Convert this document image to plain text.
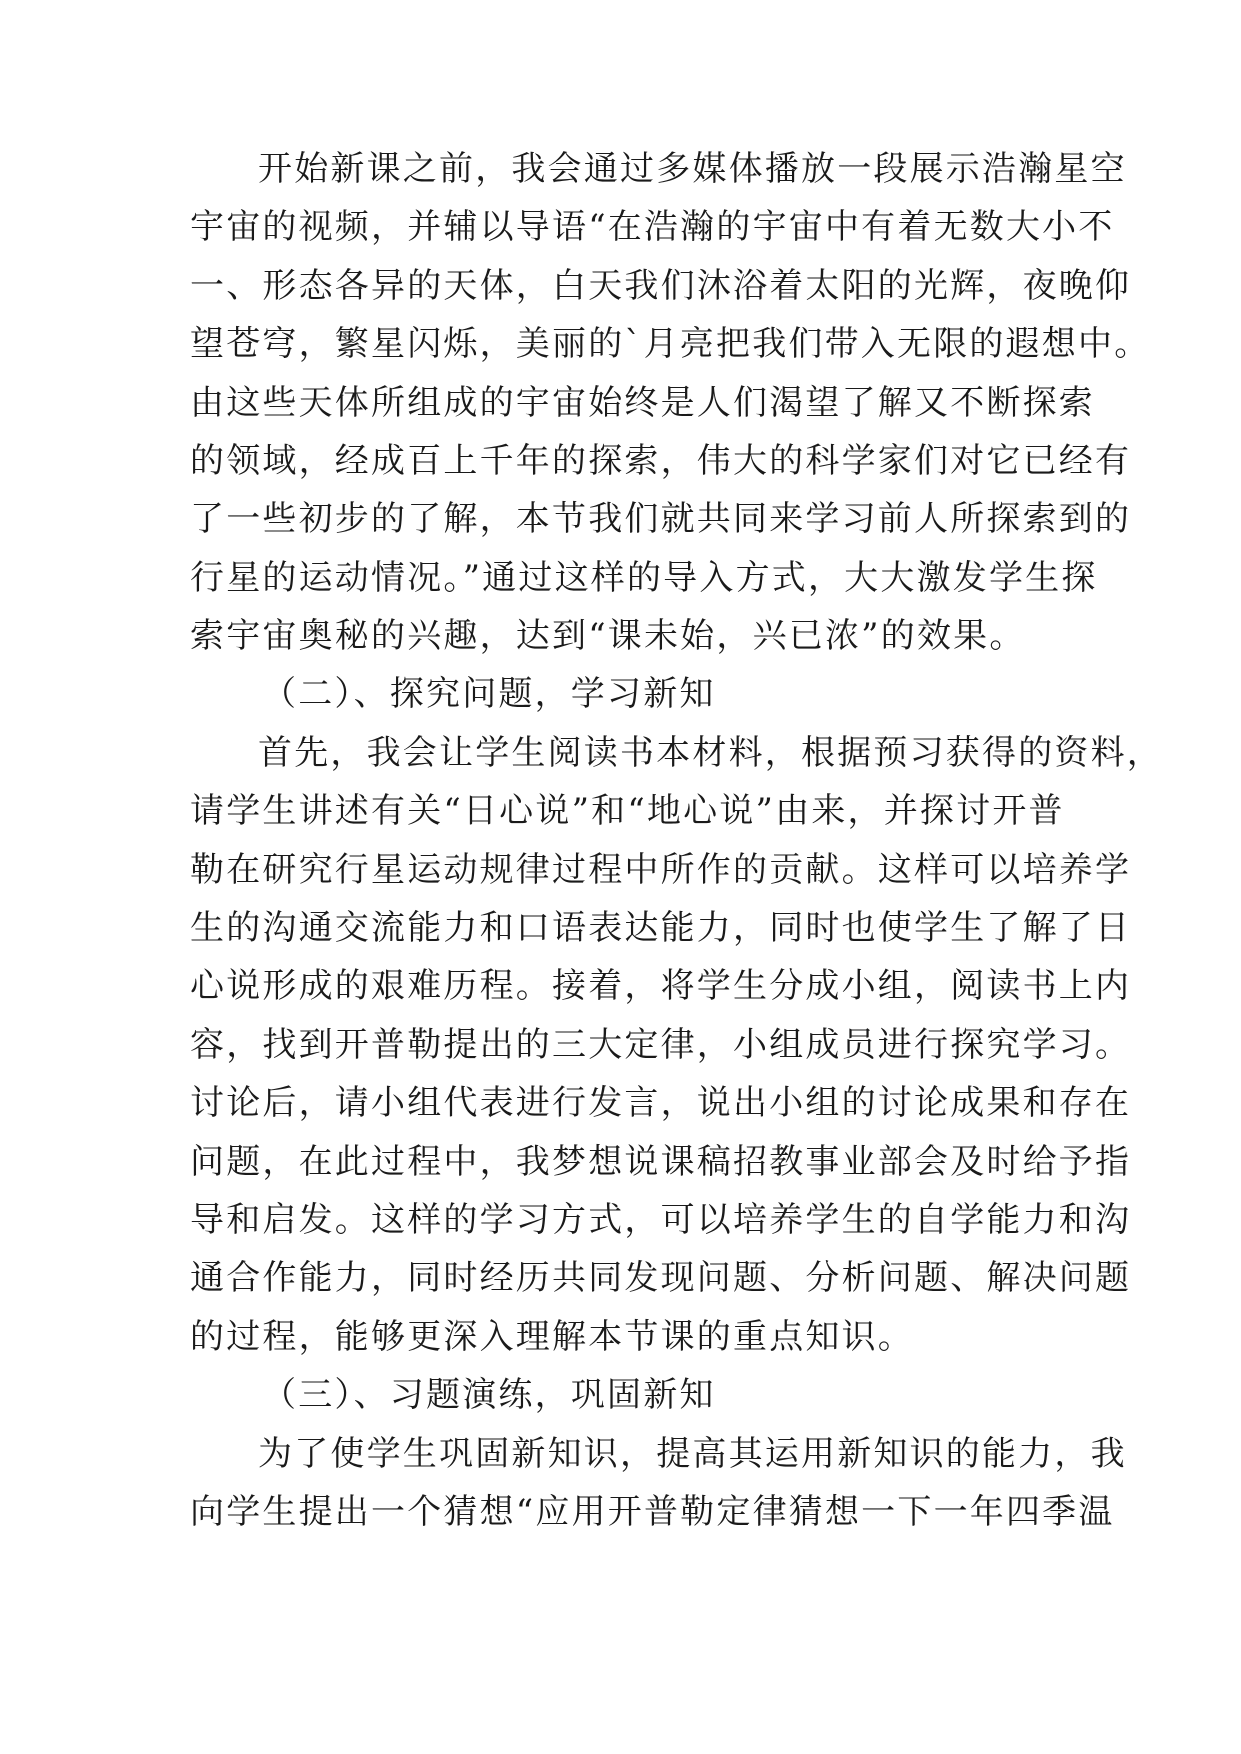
开始新课之前，我会通过多媒体播放一段展示浩瀚星空
宇宙的视频，并辅以导语“在浩瀚的宇宙中有着无数大小不
一、形态各异的天体，白天我们沐浴着太阳的光辉，夜晚仰
望苍穹，繁星闪烁，美丽的`月亮把我们带入无限的遐想中。
由这些天体所组成的宇宙始终是人们渴望了解又不断探索
的领域，经成百上千年的探索，伟大的科学家们对它已经有
了一些初步的了解，本节我们就共同来学习前人所探索到的
行星的运动情况。”通过这样的导入方式，大大激发学生探
索宇宙奥秘的兴趣，达到“课未始，兴已浓”的效果。
（二）、探究问题，学习新知
首先，我会让学生阅读书本材料，根据预习获得的资料，
请学生讲述有关“日心说”和“地心说”由来，并探讨开普
勒在研究行星运动规律过程中所作的贡献。这样可以培养学
生的沟通交流能力和口语表达能力，同时也使学生了解了日
心说形成的艰难历程。接着，将学生分成小组，阅读书上内
容，找到开普勒提出的三大定律，小组成员进行探究学习。
讨论后，请小组代表进行发言，说出小组的讨论成果和存在
问题，在此过程中，我梦想说课稿招教事业部会及时给予指
导和启发。这样的学习方式，可以培养学生的自学能力和沟
通合作能力，同时经历共同发现问题、分析问题、解决问题
的过程，能够更深入理解本节课的重点知识。
（三）、习题演练，巩固新知
为了使学生巩固新知识，提高其运用新知识的能力，我
向学生提出一个猜想“应用开普勒定律猜想一下一年四季温
